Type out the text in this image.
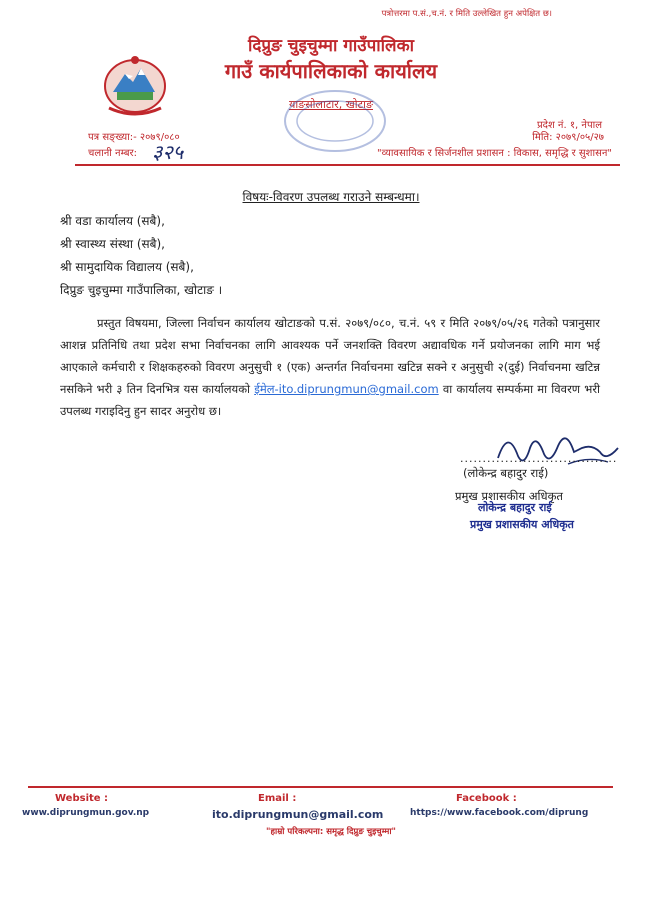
पत्रोत्तरमा प.सं.,च.नं. र मिति उल्लेखित हुन अपेक्षित छ।
दिप्रुङ चुइचुम्मा गाउँपालिका
गाउँ कार्यपालिकाको कार्यालय
याङसोलाटार, खोटाङ
प्रदेश नं. १, नेपाल
पत्र सङ्ख्या:- २०७९/०८०	मिति: २०७९/०५/२७
चलानी नम्बर: ३२५	"व्यावसायिक र सिर्जनशील प्रशासन : विकास, समृद्धि र सुशासन"
विषयः-विवरण उपलब्ध गराउने सम्बन्धमा।
श्री वडा कार्यालय (सबै),
श्री स्वास्थ्य संस्था (सबै),
श्री सामुदायिक विद्यालय (सबै),
दिप्रुङ चुइचुम्मा गाउँपालिका, खोटाङ ।
प्रस्तुत विषयमा, जिल्ला निर्वाचन कार्यालय खोटाङको प.सं. २०७९/०८०, च.नं. ५९ र मिति २०७९/०५/२६ गतेको पत्रानुसार आशन्न प्रतिनिधि तथा प्रदेश सभा निर्वाचनका लागि आवश्यक पर्ने जनशक्ति विवरण अद्यावधिक गर्ने प्रयोजनका लागि माग भई आएकाले कर्मचारी र शिक्षकहरुको विवरण अनुसुची १ (एक) अन्तर्गत निर्वाचनमा खटिन्न सक्ने र अनुसुची २(दुई) निर्वाचनमा खटिन्न नसकिने भरी ३ तिन दिनभित्र यस कार्यालयको ईमेल-ito.diprungmun@gmail.com वा कार्यालय सम्पर्कमा मा विवरण भरी उपलब्ध गराइदिनु हुन सादर अनुरोध छ।
...................................
(लोकेन्द्र बहादुर राई)
प्रमुख प्रशासकीय अधिकृत
लोकेन्द्र बहादुर राई
प्रमुख प्रशासकीय अधिकृत
Website :
www.diprungmun.gov.np
Email :
ito.diprungmun@gmail.com
Facebook :
https://www.facebook.com/diprung
"हाम्रो परिकल्पना: समृद्ध दिप्रुङ चुइचुम्मा"
